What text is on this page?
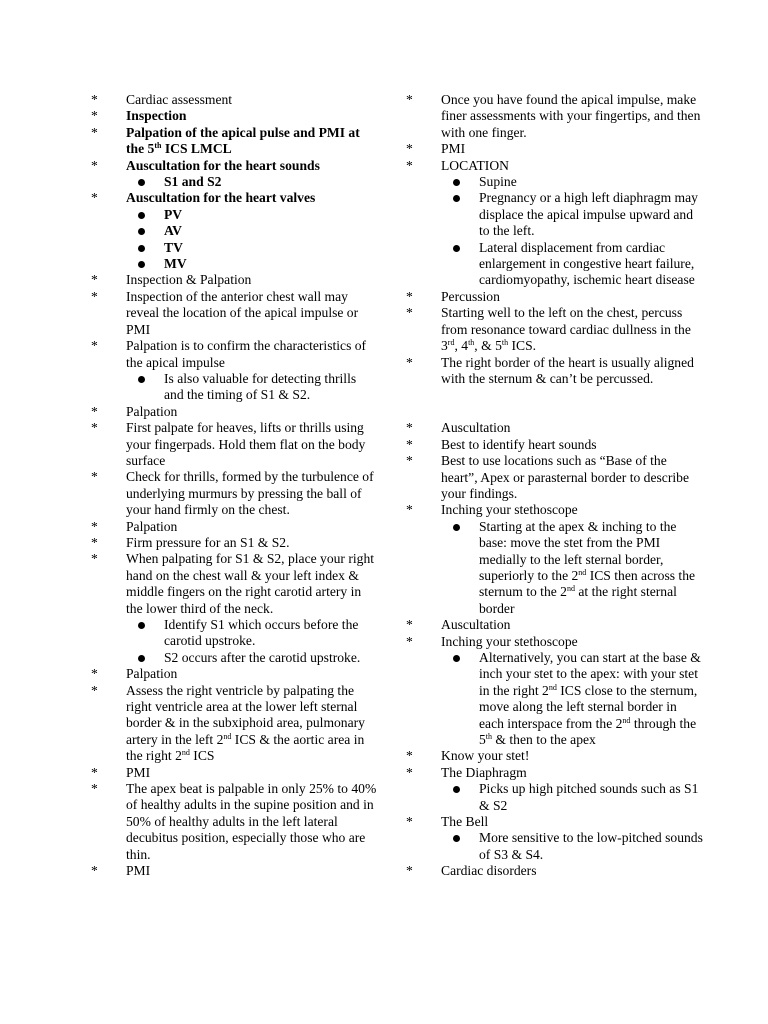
*	Cardiac assessment
*	Inspection
*	Palpation of the apical pulse and PMI at the 5th ICS LMCL
*	Auscultation for the heart sounds
S1 and S2
*	Auscultation for the heart valves
PV
AV
TV
MV
*	Inspection & Palpation
*	Inspection of the anterior chest wall may reveal the location of the apical impulse or PMI
*	Palpation is to confirm the characteristics of the apical impulse
Is also valuable for detecting thrills and the timing of S1 & S2.
*	Palpation
*	First palpate for heaves, lifts or thrills using your fingerpads. Hold them flat on the body surface
*	Check for thrills, formed by the turbulence of underlying murmurs by pressing the ball of your hand firmly on the chest.
*	Palpation
*	Firm pressure for an S1 & S2.
*	When palpating for S1 & S2, place your right hand on the chest wall & your left index & middle fingers on the right carotid artery in the lower third of the neck.
Identify S1 which occurs before the carotid upstroke.
S2 occurs after the carotid upstroke.
*	Palpation
*	Assess the right ventricle by palpating the right ventricle area at the lower left sternal border & in the subxiphoid area, pulmonary artery in the left 2nd ICS & the aortic area in the right 2nd ICS
*	PMI
*	The apex beat is palpable in only 25% to 40% of healthy adults in the supine position and in 50% of healthy adults in the left lateral decubitus position, especially those who are thin.
*	PMI
*	Once you have found the apical impulse, make finer assessments with your fingertips, and then with one finger.
*	PMI
*	LOCATION
Supine
Pregnancy or a high left diaphragm may displace the apical impulse upward and to the left.
Lateral displacement from cardiac enlargement in congestive heart failure, cardiomyopathy, ischemic heart disease
*	Percussion
*	Starting well to the left on the chest, percuss from resonance toward cardiac dullness in the 3rd, 4th, & 5th ICS.
*	The right border of the heart is usually aligned with the sternum & can’t be percussed.
*	Auscultation
*	Best to identify heart sounds
*	Best to use locations such as “Base of the heart”, Apex or parasternal border to describe your findings.
*	Inching your stethoscope
Starting at the apex & inching to the base: move the stet from the PMI medially to the left sternal border, superiorly to the 2nd ICS then across the sternum to the 2nd at the right sternal border
*	Auscultation
*	Inching your stethoscope
Alternatively, you can start at the base & inch your stet to the apex: with your stet in the right 2nd ICS close to the sternum, move along the left sternal border in each interspace from the 2nd through the 5th & then to the apex
*	Know your stet!
*	The Diaphragm
Picks up high pitched sounds such as S1 & S2
*	The Bell
More sensitive to the low-pitched sounds of S3 & S4.
*	Cardiac disorders
